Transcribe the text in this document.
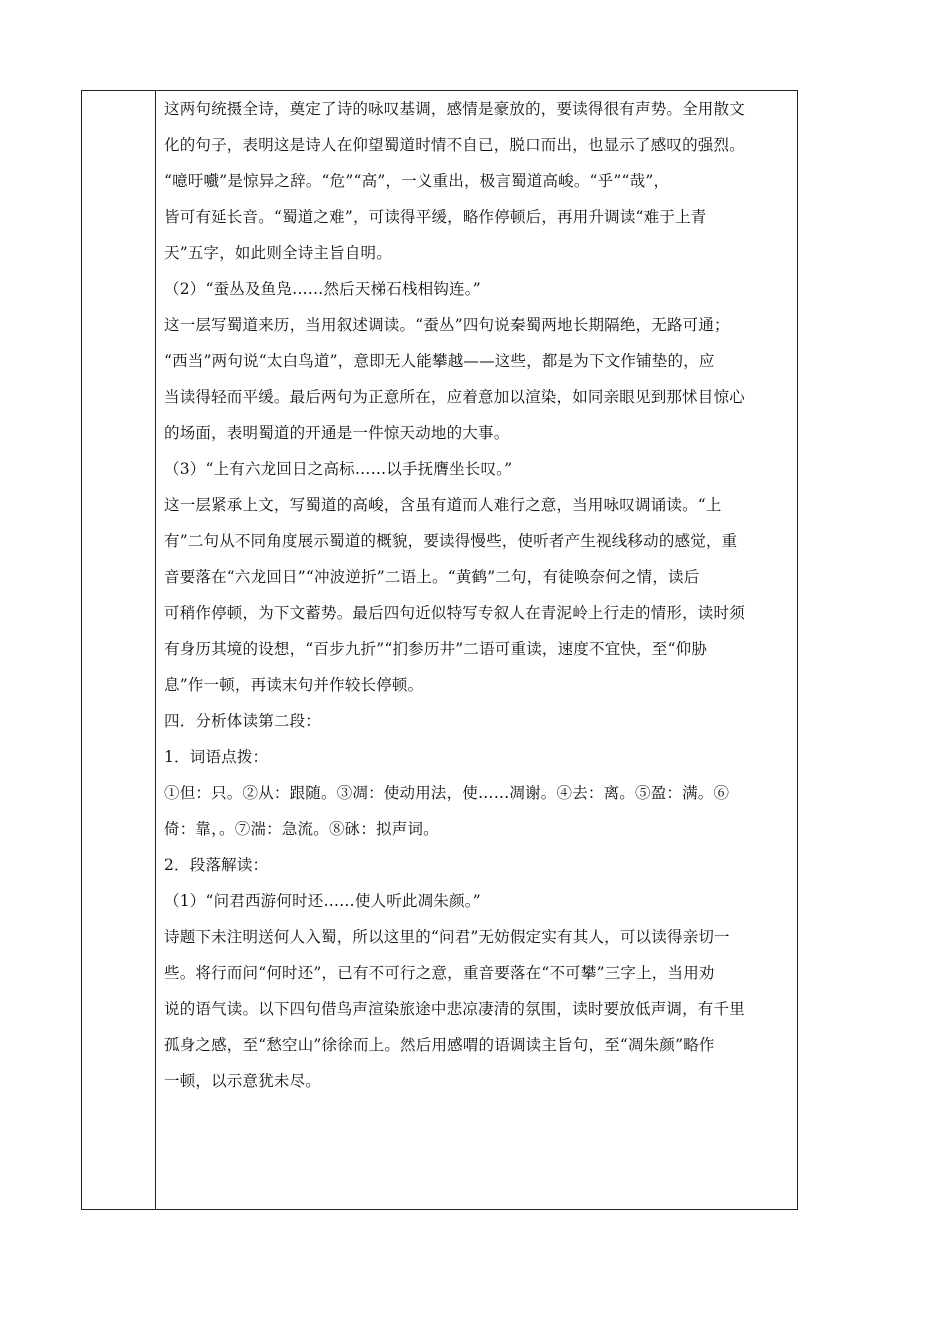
这两句统摄全诗，奠定了诗的咏叹基调，感情是豪放的，要读得很有声势。全用散文
化的句子，表明这是诗人在仰望蜀道时情不自已，脱口而出，也显示了感叹的强烈。
“噫吁嚱”是惊异之辞。“危”“高”，一义重出，极言蜀道高峻。“乎”“哉”，
皆可有延长音。“蜀道之难”，可读得平缓，略作停顿后，再用升调读“难于上青
天”五字，如此则全诗主旨自明。
（2）“蚕丛及鱼凫……然后天梯石栈相钩连。”
这一层写蜀道来历，当用叙述调读。“蚕丛”四句说秦蜀两地长期隔绝，无路可通；
“西当”两句说“太白鸟道”，意即无人能攀越——这些，都是为下文作铺垫的，应
当读得轻而平缓。最后两句为正意所在，应着意加以渲染，如同亲眼见到那怵目惊心
的场面，表明蜀道的开通是一件惊天动地的大事。
（3）“上有六龙回日之高标……以手抚膺坐长叹。”
这一层紧承上文，写蜀道的高峻，含虽有道而人难行之意，当用咏叹调诵读。“上
有”二句从不同角度展示蜀道的概貌，要读得慢些，使听者产生视线移动的感觉，重
音要落在“六龙回日”“冲波逆折”二语上。“黄鹤”二句，有徒唤奈何之情，读后
可稍作停顿，为下文蓄势。最后四句近似特写专叙人在青泥岭上行走的情形，读时须
有身历其境的设想，“百步九折”“扪参历井”二语可重读，速度不宜快，至“仰胁
息”作一顿，再读末句并作较长停顿。
四．分析体读第二段：
1．词语点拨：
①但：只。②从：跟随。③凋：使动用法，使……凋谢。④去：离。⑤盈：满。⑥
倚：靠，。⑦湍：急流。⑧砯：拟声词。
2．段落解读：
（1）“问君西游何时还……使人听此凋朱颜。”
诗题下未注明送何人入蜀，所以这里的“问君”无妨假定实有其人，可以读得亲切一
些。将行而问“何时还”，已有不可行之意，重音要落在“不可攀”三字上，当用劝
说的语气读。以下四句借鸟声渲染旅途中悲凉凄清的氛围，读时要放低声调，有千里
孤身之感，至“愁空山”徐徐而上。然后用感喟的语调读主旨句，至“凋朱颜”略作
一顿，以示意犹未尽。
